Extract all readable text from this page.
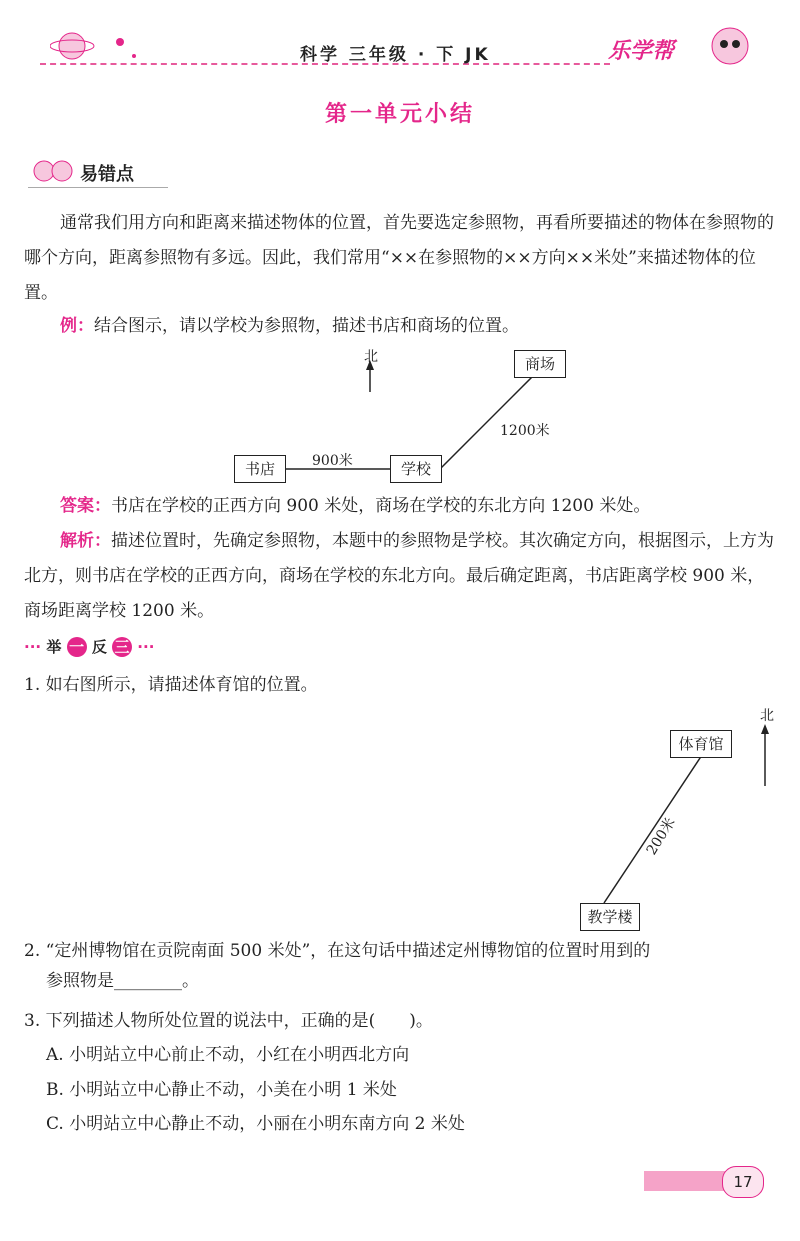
科学 三年级 · 下 JK	乐学帮
第一单元小结
易错点
通常我们用方向和距离来描述物体的位置，首先要选定参照物，再看所要描述的物体在参照物的哪个方向，距离参照物有多远。因此，我们常用“××在参照物的××方向××米处”来描述物体的位置。
例：结合图示，请以学校为参照物，描述书店和商场的位置。
北	商场
1200米
书店	900米	学校
答案：书店在学校的正西方向 900 米处，商场在学校的东北方向 1200 米处。
解析：描述位置时，先确定参照物，本题中的参照物是学校。其次确定方向，根据图示，上方为北方，则书店在学校的正西方向，商场在学校的东北方向。最后确定距离，书店距离学校 900 米，商场距离学校 1200 米。
··· 举 一 反 三 ···
1. 如右图所示，请描述体育馆的位置。
北
体育馆
200米
教学楼
2. “定州博物馆在贡院南面 500 米处”，在这句话中描述定州博物馆的位置时用到的
参照物是________。
3. 下列描述人物所处位置的说法中，正确的是(　　)。
A. 小明站立中心前止不动，小红在小明西北方向
B. 小明站立中心静止不动，小美在小明 1 米处
C. 小明站立中心静止不动，小丽在小明东南方向 2 米处
17
